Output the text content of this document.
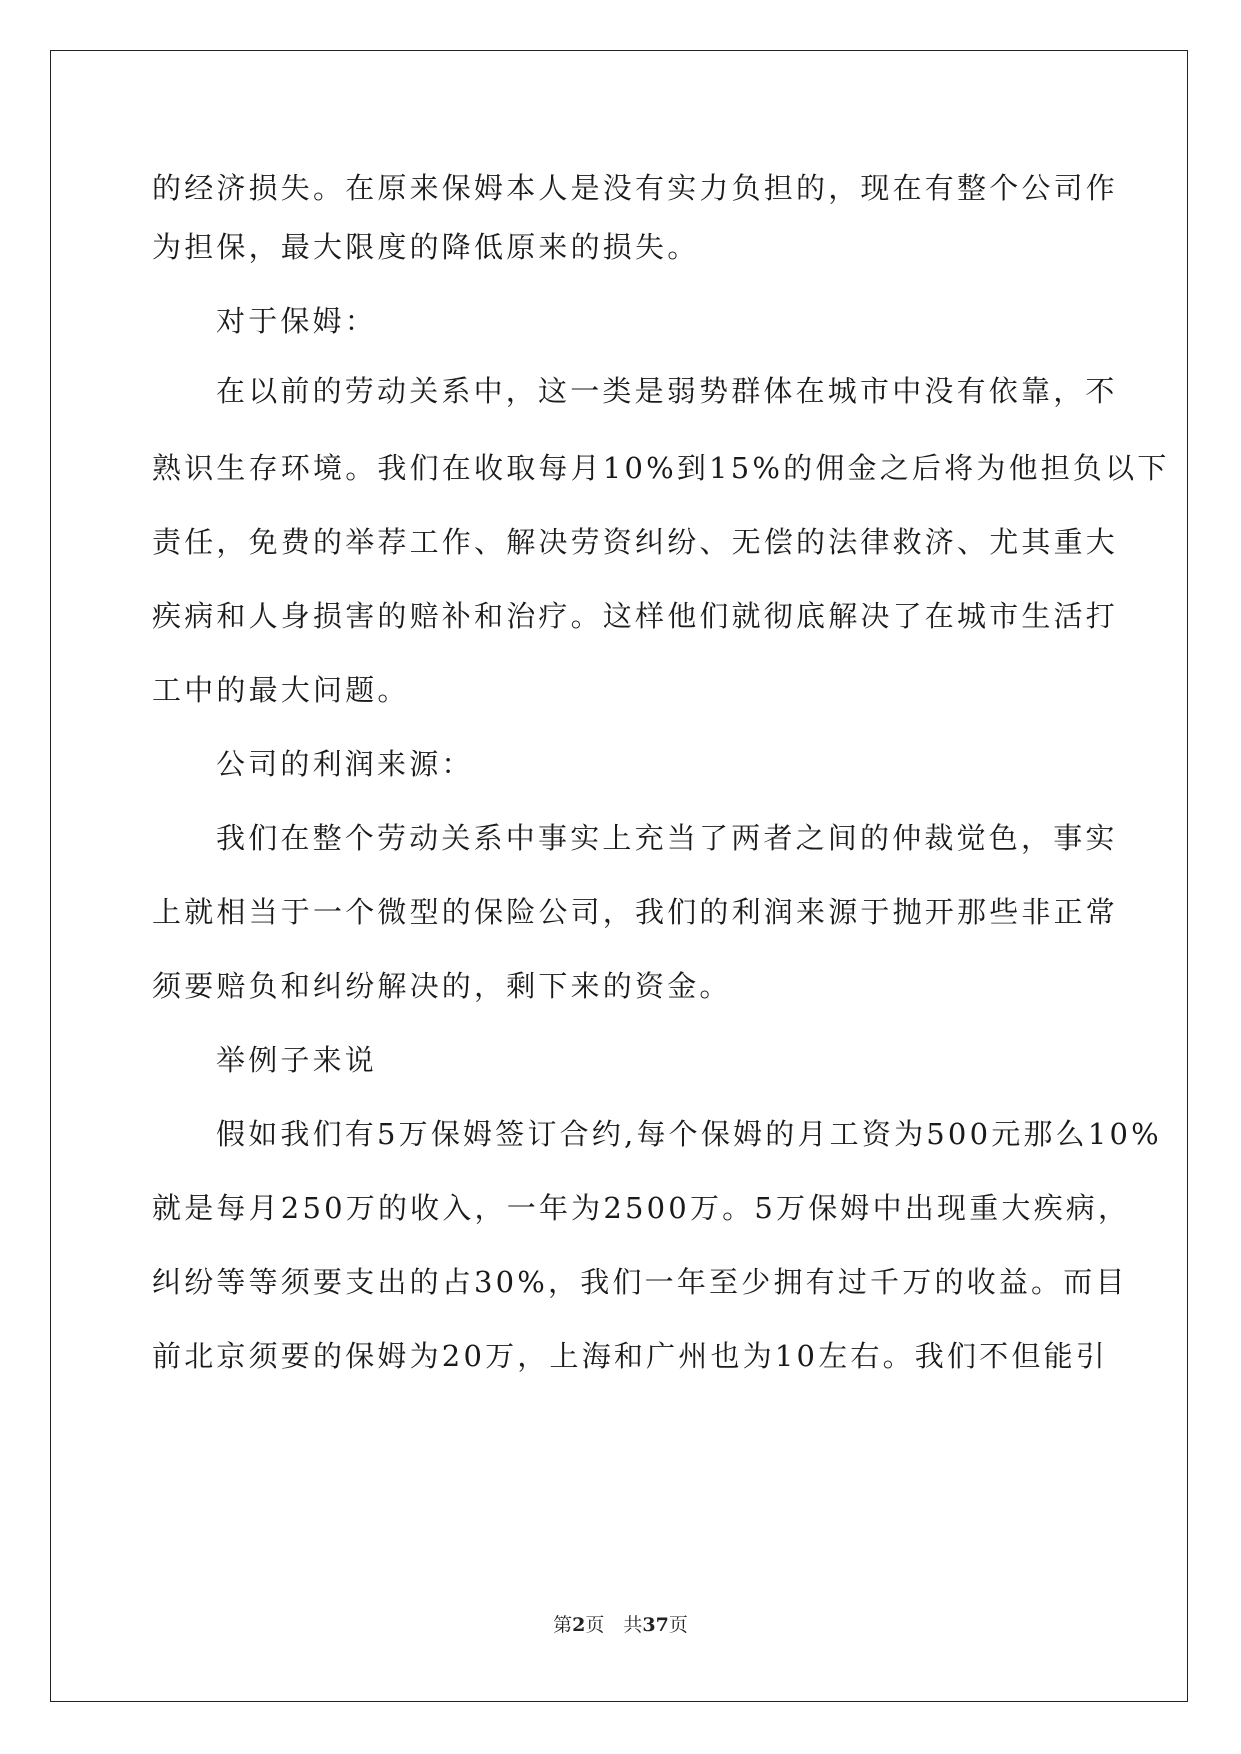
的经济损失。在原来保姆本人是没有实力负担的，现在有整个公司作
为担保，最大限度的降低原来的损失。
对于保姆：
在以前的劳动关系中，这一类是弱势群体在城市中没有依靠，不
熟识生存环境。我们在收取每月10%到15%的佣金之后将为他担负以下
责任，免费的举荐工作、解决劳资纠纷、无偿的法律救济、尤其重大
疾病和人身损害的赔补和治疗。这样他们就彻底解决了在城市生活打
工中的最大问题。
公司的利润来源：
我们在整个劳动关系中事实上充当了两者之间的仲裁觉色，事实
上就相当于一个微型的保险公司，我们的利润来源于抛开那些非正常
须要赔负和纠纷解决的，剩下来的资金。
举例子来说
假如我们有5万保姆签订合约,每个保姆的月工资为500元那么10%
就是每月250万的收入，一年为2500万。5万保姆中出现重大疾病，
纠纷等等须要支出的占30%，我们一年至少拥有过千万的收益。而目
前北京须要的保姆为20万，上海和广州也为10左右。我们不但能引
第2页　共37页
